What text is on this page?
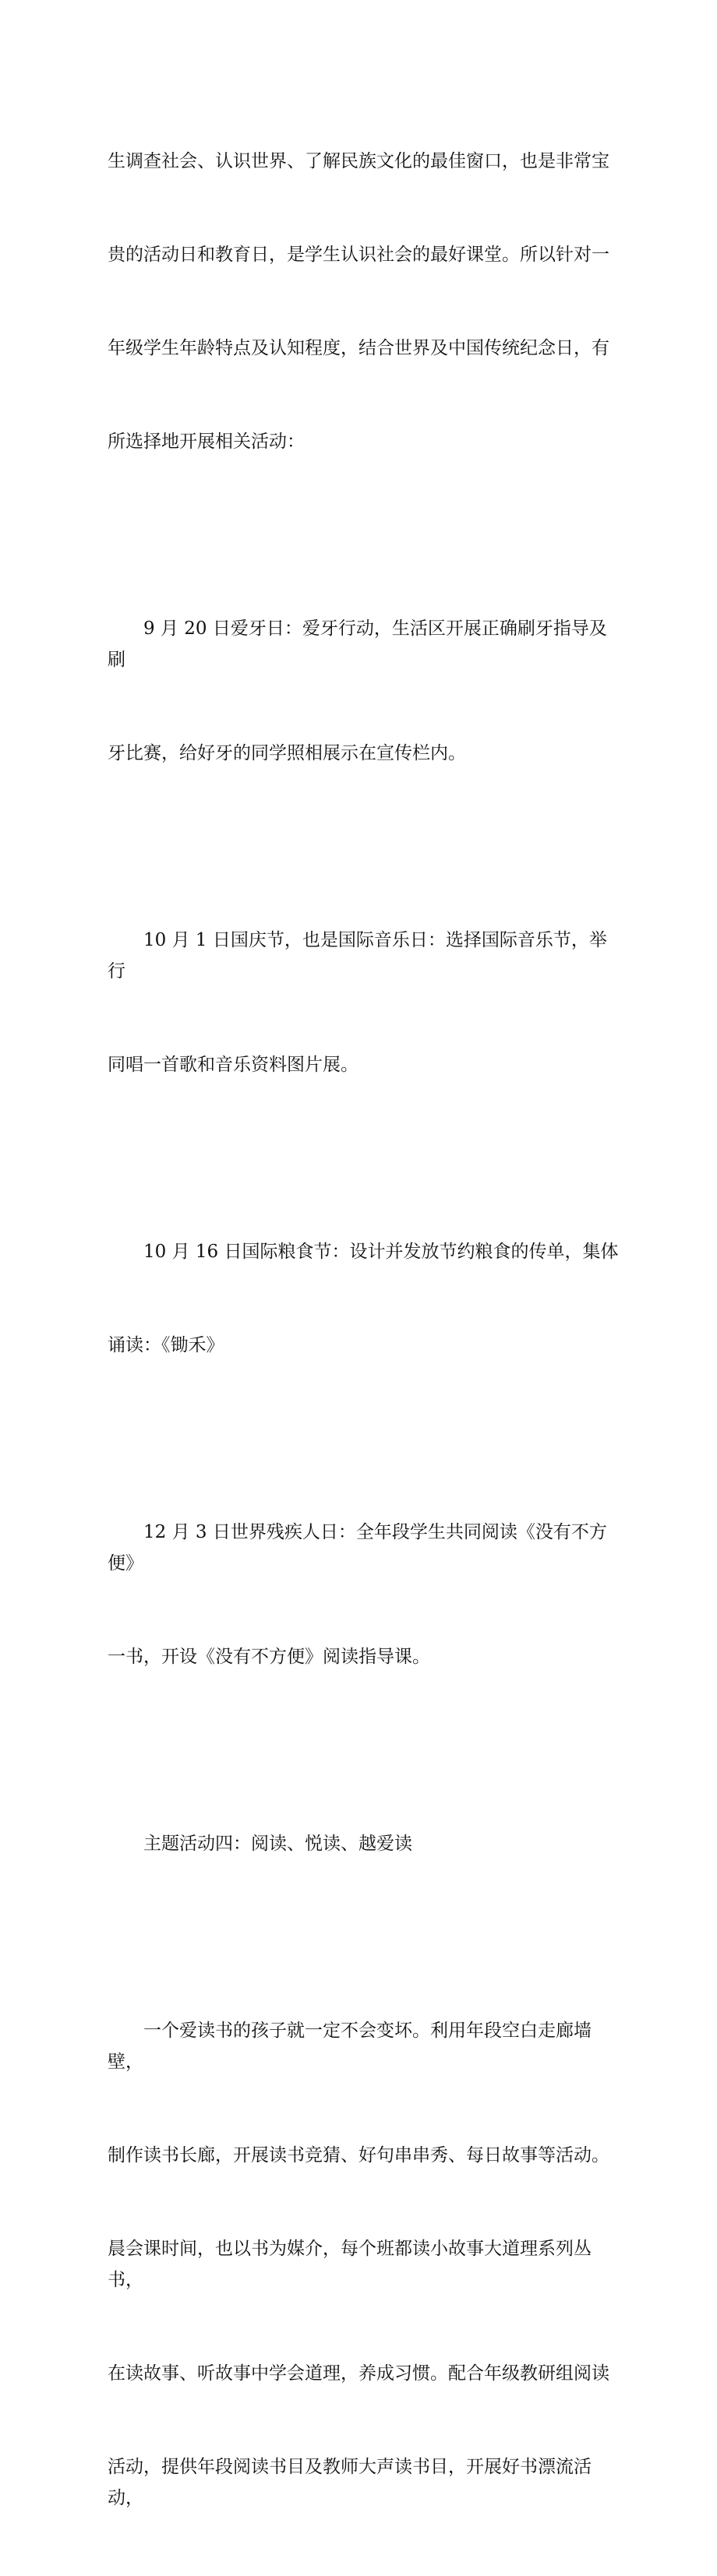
生调查社会、认识世界、了解民族文化的最佳窗口，也是非常宝

贵的活动日和教育日，是学生认识社会的最好课堂。所以针对一

年级学生年龄特点及认知程度，结合世界及中国传统纪念日，有

所选择地开展相关活动：

9 月 20 日爱牙日：爱牙行动，生活区开展正确刷牙指导及刷

牙比赛，给好牙的同学照相展示在宣传栏内。

10 月 1 日国庆节，也是国际音乐日：选择国际音乐节，举行

同唱一首歌和音乐资料图片展。

10 月 16 日国际粮食节：设计并发放节约粮食的传单，集体

诵读：《锄禾》

12 月 3 日世界残疾人日：全年段学生共同阅读《没有不方便》

一书，开设《没有不方便》阅读指导课。

主题活动四：阅读、悦读、越爱读

一个爱读书的孩子就一定不会变坏。利用年段空白走廊墙壁，

制作读书长廊，开展读书竞猜、好句串串秀、每日故事等活动。

晨会课时间，也以书为媒介，每个班都读小故事大道理系列丛书，

在读故事、听故事中学会道理，养成习惯。配合年级教研组阅读

活动，提供年段阅读书目及教师大声读书目，开展好书漂流活动，
